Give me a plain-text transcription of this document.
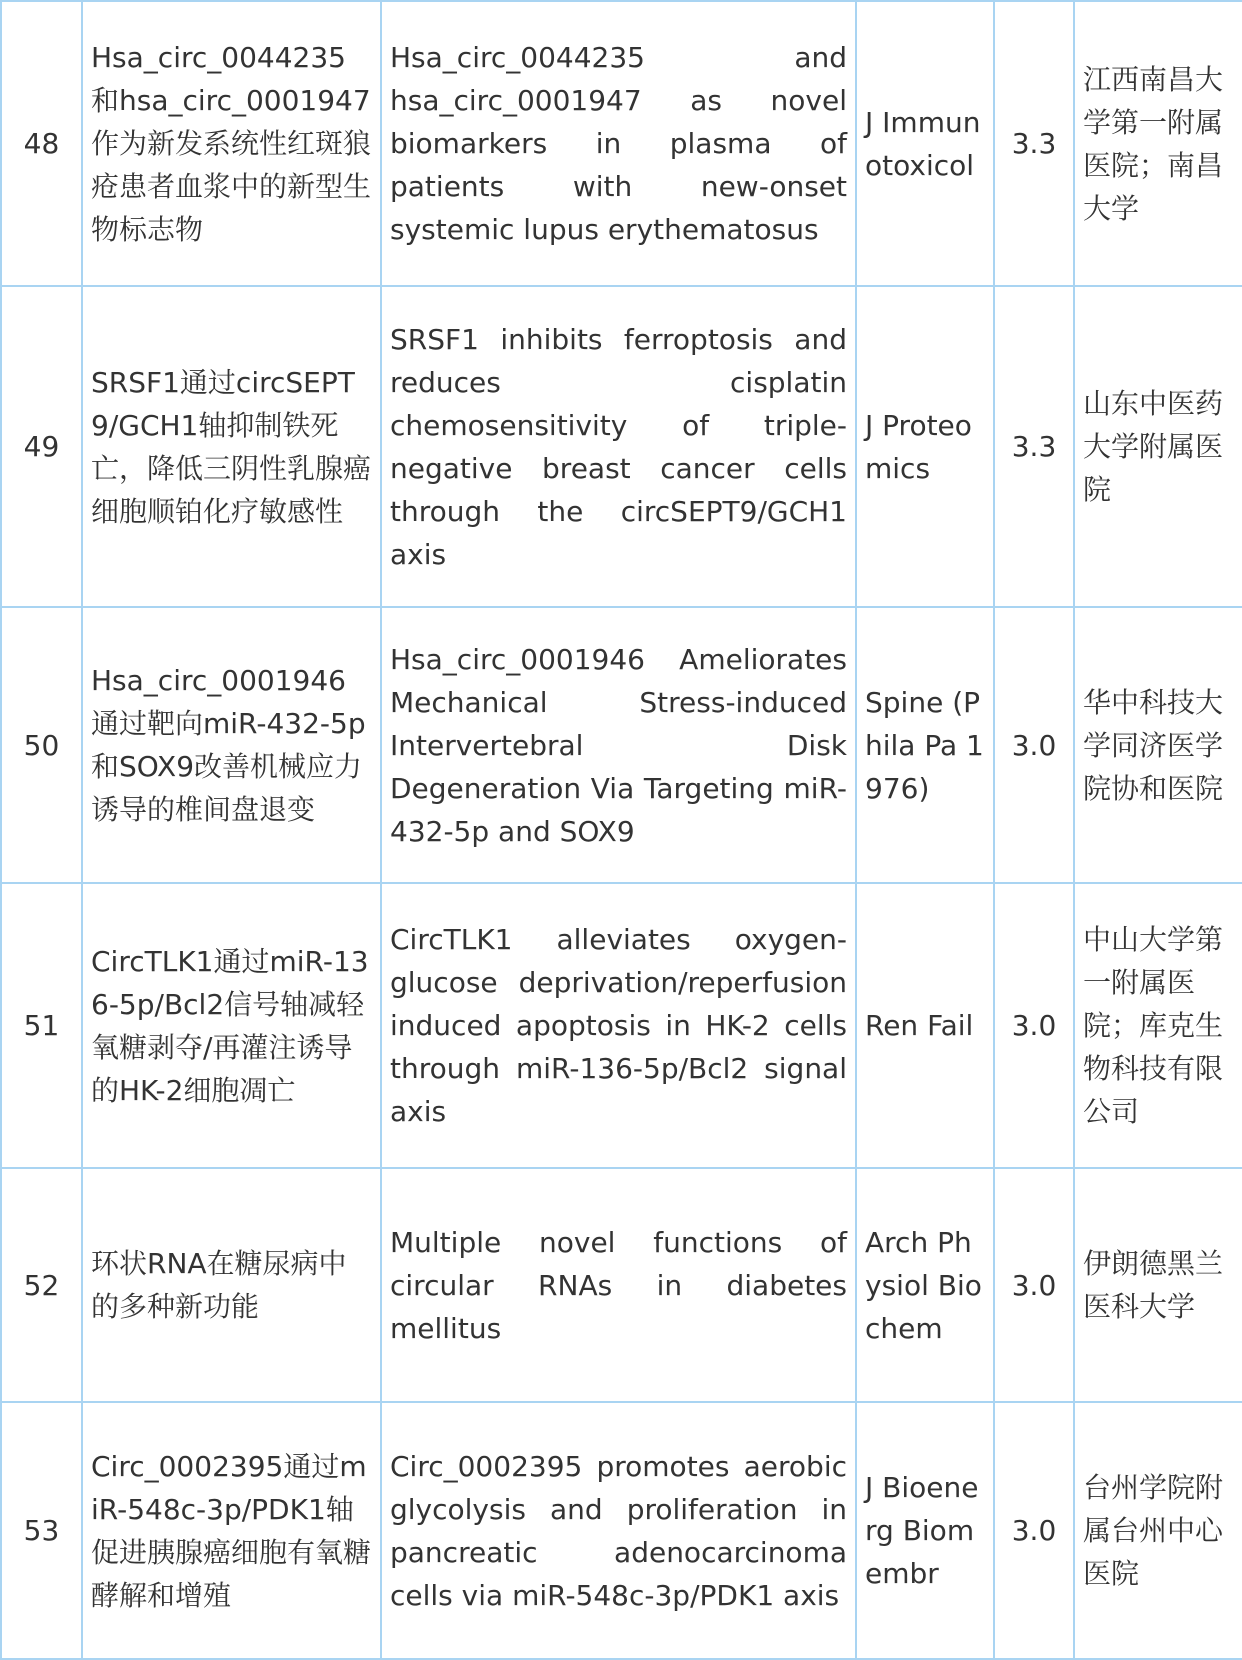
48	Hsa_circ_0044235和hsa_circ_0001947作为新发系统性红斑狼疮患者血浆中的新型生物标志物	Hsa_circ_0044235 and hsa_circ_0001947 as novel biomarkers in plasma of patients with new-onset systemic lupus erythematosus	J Immunotoxicol	3.3	江西南昌大学第一附属医院；南昌大学
49	SRSF1通过circSEPT9/GCH1轴抑制铁死亡，降低三阴性乳腺癌细胞顺铂化疗敏感性	SRSF1 inhibits ferroptosis and reduces cisplatin chemosensitivity of triple-negative breast cancer cells through the circSEPT9/GCH1 axis	J Proteomics	3.3	山东中医药大学附属医院
50	Hsa_circ_0001946通过靶向miR-432-5p和SOX9改善机械应力诱导的椎间盘退变	Hsa_circ_0001946 Ameliorates Mechanical Stress-induced Intervertebral Disk Degeneration Via Targeting miR-432-5p and SOX9	Spine (Phila Pa 1976)	3.0	华中科技大学同济医学院协和医院
51	CircTLK1通过miR-136-5p/Bcl2信号轴减轻氧糖剥夺/再灌注诱导的HK-2细胞凋亡	CircTLK1 alleviates oxygen-glucose deprivation/reperfusion induced apoptosis in HK-2 cells through miR-136-5p/Bcl2 signal axis	Ren Fail	3.0	中山大学第一附属医院；库克生物科技有限公司
52	环状RNA在糖尿病中的多种新功能	Multiple novel functions of circular RNAs in diabetes mellitus	Arch Physiol Biochem	3.0	伊朗德黑兰医科大学
53	Circ_0002395通过miR-548c-3p/PDK1轴促进胰腺癌细胞有氧糖酵解和增殖	Circ_0002395 promotes aerobic glycolysis and proliferation in pancreatic adenocarcinoma cells via miR-548c-3p/PDK1 axis	J Bioenerg Biomembr	3.0	台州学院附属台州中心医院
